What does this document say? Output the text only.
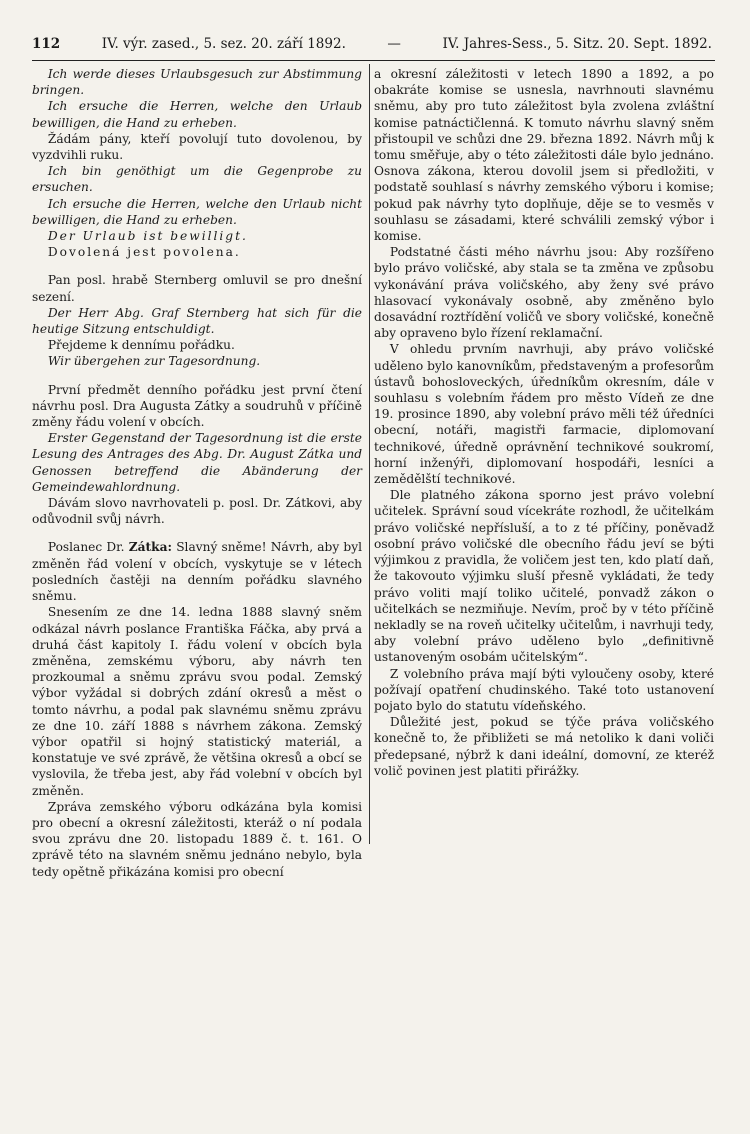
112	IV. výr. zased., 5. sez. 20. září 1892.	—	IV. Jahres-Sess., 5. Sitz. 20. Sept. 1892.

Ich werde dieses Urlaubsgesuch zur Abstimmung bringen.

Ich ersuche die Herren, welche den Urlaub bewilligen, die Hand zu erheben.

Žádám pány, kteří povolují tuto dovolenou, by vyzdvihli ruku.

Ich bin genöthigt um die Gegenprobe zu ersuchen.

Ich ersuche die Herren, welche den Urlaub nicht bewilligen, die Hand zu erheben.

Der Urlaub ist bewilligt.

Dovolená jest povolena.

Pan posl. hrabě Sternberg omluvil se pro dnešní sezení.

Der Herr Abg. Graf Sternberg hat sich für die heutige Sitzung entschuldigt.

Přejdeme k dennímu pořádku.

Wir übergehen zur Tagesordnung.

První předmět denního pořádku jest první čtení návrhu posl. Dra Augusta Zátky a soudruhů v příčině změny řádu volení v obcích.

Erster Gegenstand der Tagesordnung ist die erste Lesung des Antrages des Abg. Dr. August Zátka und Genossen betreffend die Abänderung der Gemeindewahlordnung.

Dávám slovo navrhovateli p. posl. Dr. Zátkovi, aby odůvodnil svůj návrh.

Poslanec Dr. Zátka: Slavný sněme! Návrh, aby byl změněn řád volení v obcích, vyskytuje se v létech posledních častěji na denním pořádku slavného sněmu.

Snesením ze dne 14. ledna 1888 slavný sněm odkázal návrh poslance Františka Fáčka, aby prvá a druhá část kapitoly I. řádu volení v obcích byla změněna, zemskému výboru, aby návrh ten prozkoumal a sněmu zprávu svou podal. Zemský výbor vyžádal si dobrých zdání okresů a měst o tomto návrhu, a podal pak slavnému sněmu zprávu ze dne 10. září 1888 s návrhem zákona. Zemský výbor opatřil si hojný statistický materiál, a konstatuje ve své zprávě, že většina okresů a obcí se vyslovila, že třeba jest, aby řád volební v obcích byl změněn.

Zpráva zemského výboru odkázána byla komisi pro obecní a okresní záležitosti, kteráž o ní podala svou zprávu dne 20. listopadu 1889 č. t. 161. O zprávě této na slavném sněmu jednáno nebylo, byla tedy opětně přikázána komisi pro obecní

a okresní záležitosti v letech 1890 a 1892, a po obakráte komise se usnesla, navrhnouti slavnému sněmu, aby pro tuto záležitost byla zvolena zvláštní komise patnáctičlenná. K tomuto návrhu slavný sněm přistoupil ve schůzi dne 29. března 1892. Návrh můj k tomu směřuje, aby o této záležitosti dále bylo jednáno. Osnova zákona, kterou dovolil jsem si předložiti, v podstatě souhlasí s návrhy zemského výboru i komise; pokud pak návrhy tyto doplňuje, děje se to vesměs v souhlasu se zásadami, které schválili zemský výbor i komise.

Podstatné části mého návrhu jsou: Aby rozšířeno bylo právo voličské, aby stala se ta změna ve způsobu vykonávání práva voličského, aby ženy své právo hlasovací vykonávaly osobně, aby změněno bylo dosavádní roztřídění voličů ve sbory voličské, konečně aby opraveno bylo řízení reklamační.

V ohledu prvním navrhuji, aby právo voličské uděleno bylo kanovníkům, představeným a profesorům ústavů bohosloveckých, úředníkům okresním, dále v souhlasu s volebním řádem pro město Vídeň ze dne 19. prosince 1890, aby volební právo měli též úředníci obecní, notáři, magistři farmacie, diplomovaní technikové, úředně oprávnění technikové soukromí, horní inženýři, diplomovaní hospodáři, lesníci a zemědělští technikové.

Dle platného zákona sporno jest právo volební učitelek. Správní soud vícekráte rozhodl, že učitelkám právo voličské nepřísluší, a to z té příčiny, poněvadž osobní právo voličské dle obecního řádu jeví se býti výjimkou z pravidla, že voličem jest ten, kdo platí daň, že takovouto výjimku sluší přesně vykládati, že tedy právo voliti mají toliko učitelé, ponvadž zákon o učitelkách se nezmiňuje. Nevím, proč by v této příčině nekladly se na roveň učitelky učitelům, i navrhuji tedy, aby volební právo uděleno bylo „definitivně ustanoveným osobám učitelským“.

Z volebního práva mají býti vyloučeny osoby, které požívají opatření chudinského. Také toto ustanovení pojato bylo do statutu vídeňského.

Důležité jest, pokud se týče práva voličského konečně to, že přibližeti se má netoliko k dani voliči předepsané, nýbrž k dani ideální, domovní, ze kteréž volič povinen jest platiti přirážky.
